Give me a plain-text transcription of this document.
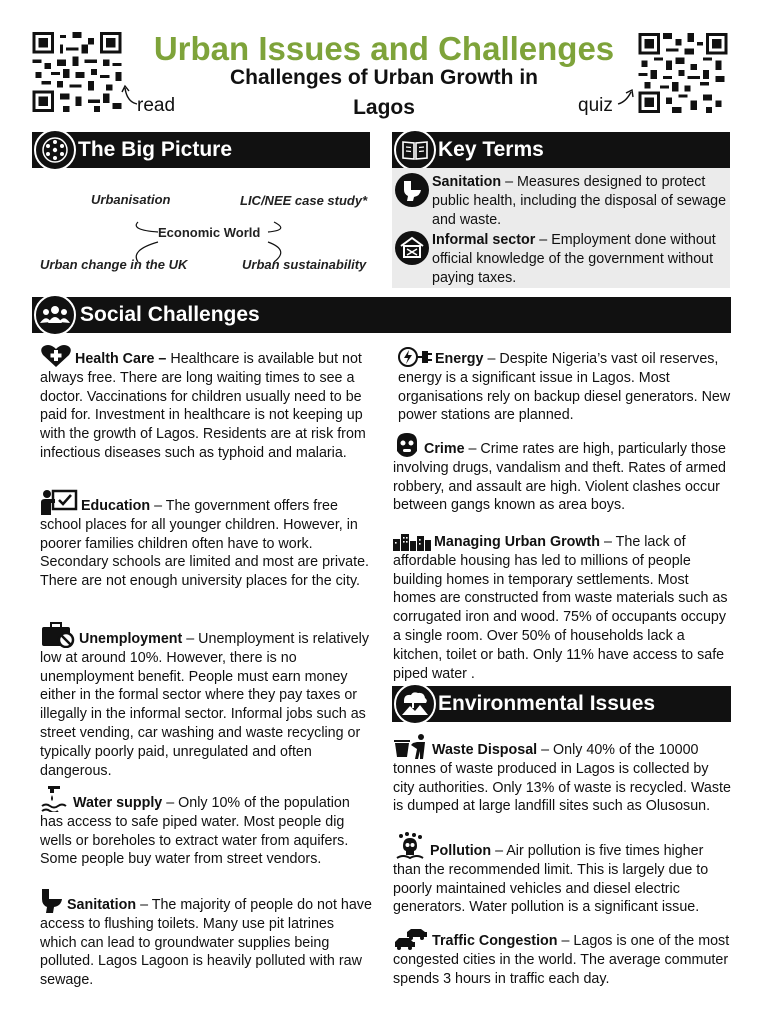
read	quiz
Urban Issues and Challenges
Challenges of Urban Growth in Lagos
The Big Picture
Urbanisation	LIC/NEE case study*
Economic World
Urban change in the UK	Urban sustainability
Key Terms
Sanitation – Measures designed to protect public health, including the disposal of sewage and waste.
Informal sector – Employment done without official knowledge of the government without paying taxes.
Social Challenges
Health Care – Healthcare is available but not always free. There are long waiting times to see a doctor. Vaccinations for children usually need to be paid for. Investment in healthcare is not keeping up with the growth of Lagos. Residents are at risk from infectious diseases such as typhoid and malaria.
Education – The government offers free school places for all younger children. However, in poorer families children often have to work. Secondary schools are limited and most are private. There are not enough university places for the city.
Unemployment – Unemployment is relatively low at around 10%. However, there is no unemployment benefit. People must earn money either in the formal sector where they pay taxes or illegally in the informal sector. Informal jobs such as street vending, car washing and waste recycling or typically poorly paid, unregulated and often dangerous.
Water supply – Only 10% of the population has access to safe piped water. Most people dig wells or boreholes to extract water from aquifers. Some people buy water from street vendors.
Sanitation – The majority of people do not have access to flushing toilets. Many use pit latrines which can lead to groundwater supplies being polluted. Lagos Lagoon is heavily polluted with raw sewage.
Energy – Despite Nigeria’s vast oil reserves, energy is a significant issue in Lagos. Most organisations rely on backup diesel generators. New power stations are planned.
Crime – Crime rates are high, particularly those involving drugs, vandalism and theft. Rates of armed robbery, and assault are high. Violent clashes occur between gangs known as area boys.
Managing Urban Growth – The lack of affordable housing has led to millions of people building homes in temporary settlements. Most homes are constructed from waste materials such as corrugated iron and wood. 75% of occupants occupy a single room. Over 50% of households lack a kitchen, toilet or bath. Only 11% have access to safe piped water .
Environmental Issues
Waste Disposal – Only 40% of the 10000 tonnes of waste produced in Lagos is collected by city authorities. Only 13% of waste is recycled. Waste is dumped at large landfill sites such as Olusosun.
Pollution – Air pollution is five times higher than the recommended limit. This is largely due to poorly maintained vehicles and diesel electric generators. Water pollution is a significant issue.
Traffic Congestion – Lagos is one of the most congested cities in the world. The average commuter spends 3 hours in traffic each day.
